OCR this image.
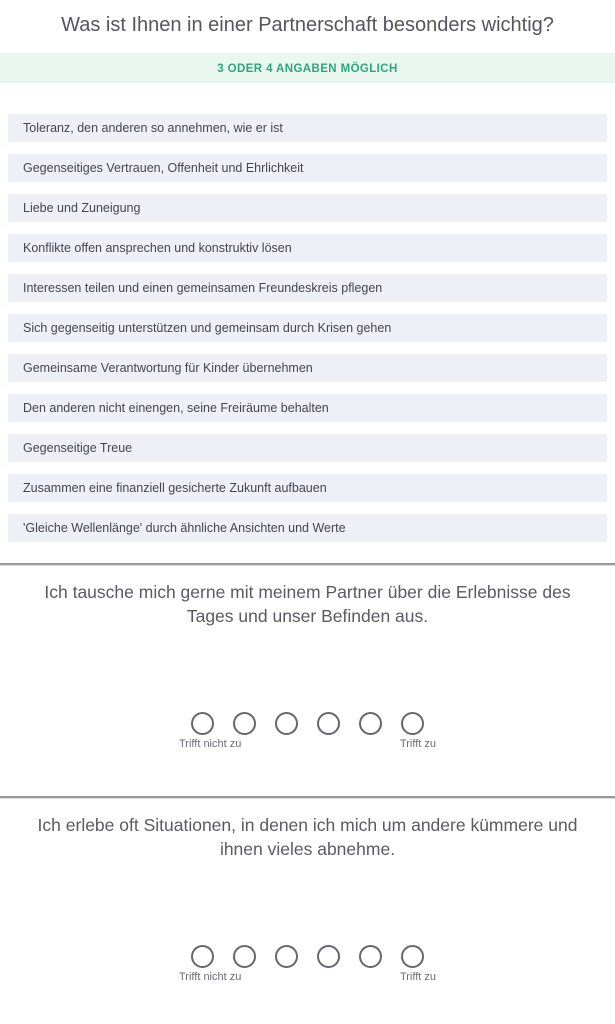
Was ist Ihnen in einer Partnerschaft besonders wichtig?
3 ODER 4 ANGABEN MÖGLICH
Toleranz, den anderen so annehmen, wie er ist
Gegenseitiges Vertrauen, Offenheit und Ehrlichkeit
Liebe und Zuneigung
Konflikte offen ansprechen und konstruktiv lösen
Interessen teilen und einen gemeinsamen Freundeskreis pflegen
Sich gegenseitig unterstützen und gemeinsam durch Krisen gehen
Gemeinsame Verantwortung für Kinder übernehmen
Den anderen nicht einengen, seine Freiräume behalten
Gegenseitige Treue
Zusammen eine finanziell gesicherte Zukunft aufbauen
'Gleiche Wellenlänge' durch ähnliche Ansichten und Werte

Ich tausche mich gerne mit meinem Partner über die Erlebnisse des Tages und unser Befinden aus.

Trifft nicht zu	Trifft zu

Ich erlebe oft Situationen, in denen ich mich um andere kümmere und ihnen vieles abnehme.

Trifft nicht zu	Trifft zu
